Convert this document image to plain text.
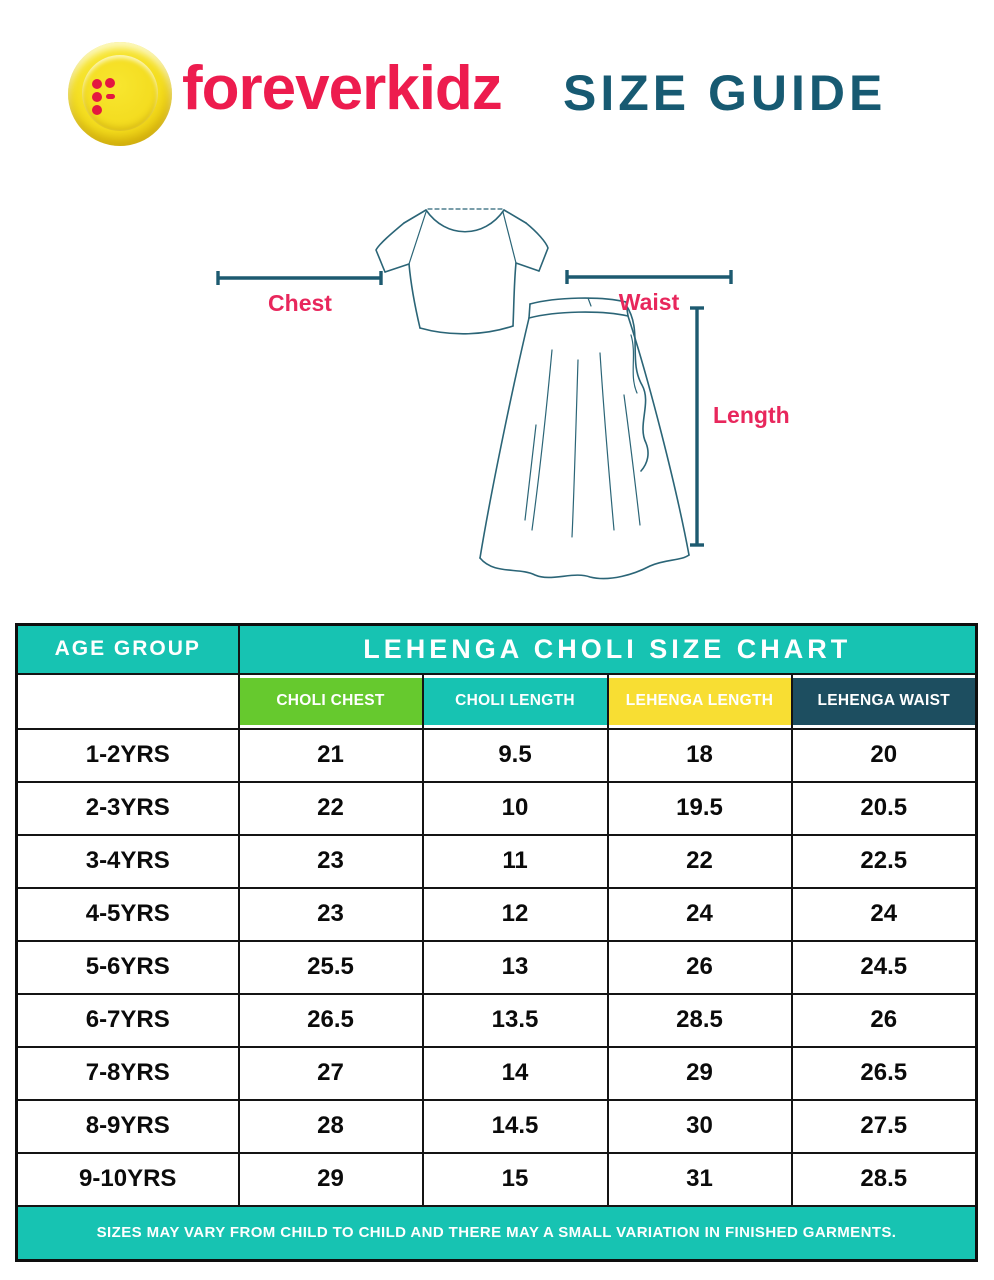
foreverkidz SIZE GUIDE
Chest	Waist
Length
AGE GROUP	LEHENGA CHOLI SIZE CHART			

CHOLI CHEST	CHOLI LENGTH	LEHENGA LENGTH	LEHENGA WAIST

1-2YRS	21	9.5	18	20
2-3YRS	22	10	19.5	20.5
3-4YRS	23	11	22	22.5
4-5YRS	23	12	24	24
5-6YRS	25.5	13	26	24.5
6-7YRS	26.5	13.5	28.5	26
7-8YRS	27	14	29	26.5
8-9YRS	28	14.5	30	27.5
9-10YRS	29	15	31	28.5
SIZES MAY VARY FROM CHILD TO CHILD AND THERE MAY A SMALL VARIATION IN FINISHED GARMENTS.				
